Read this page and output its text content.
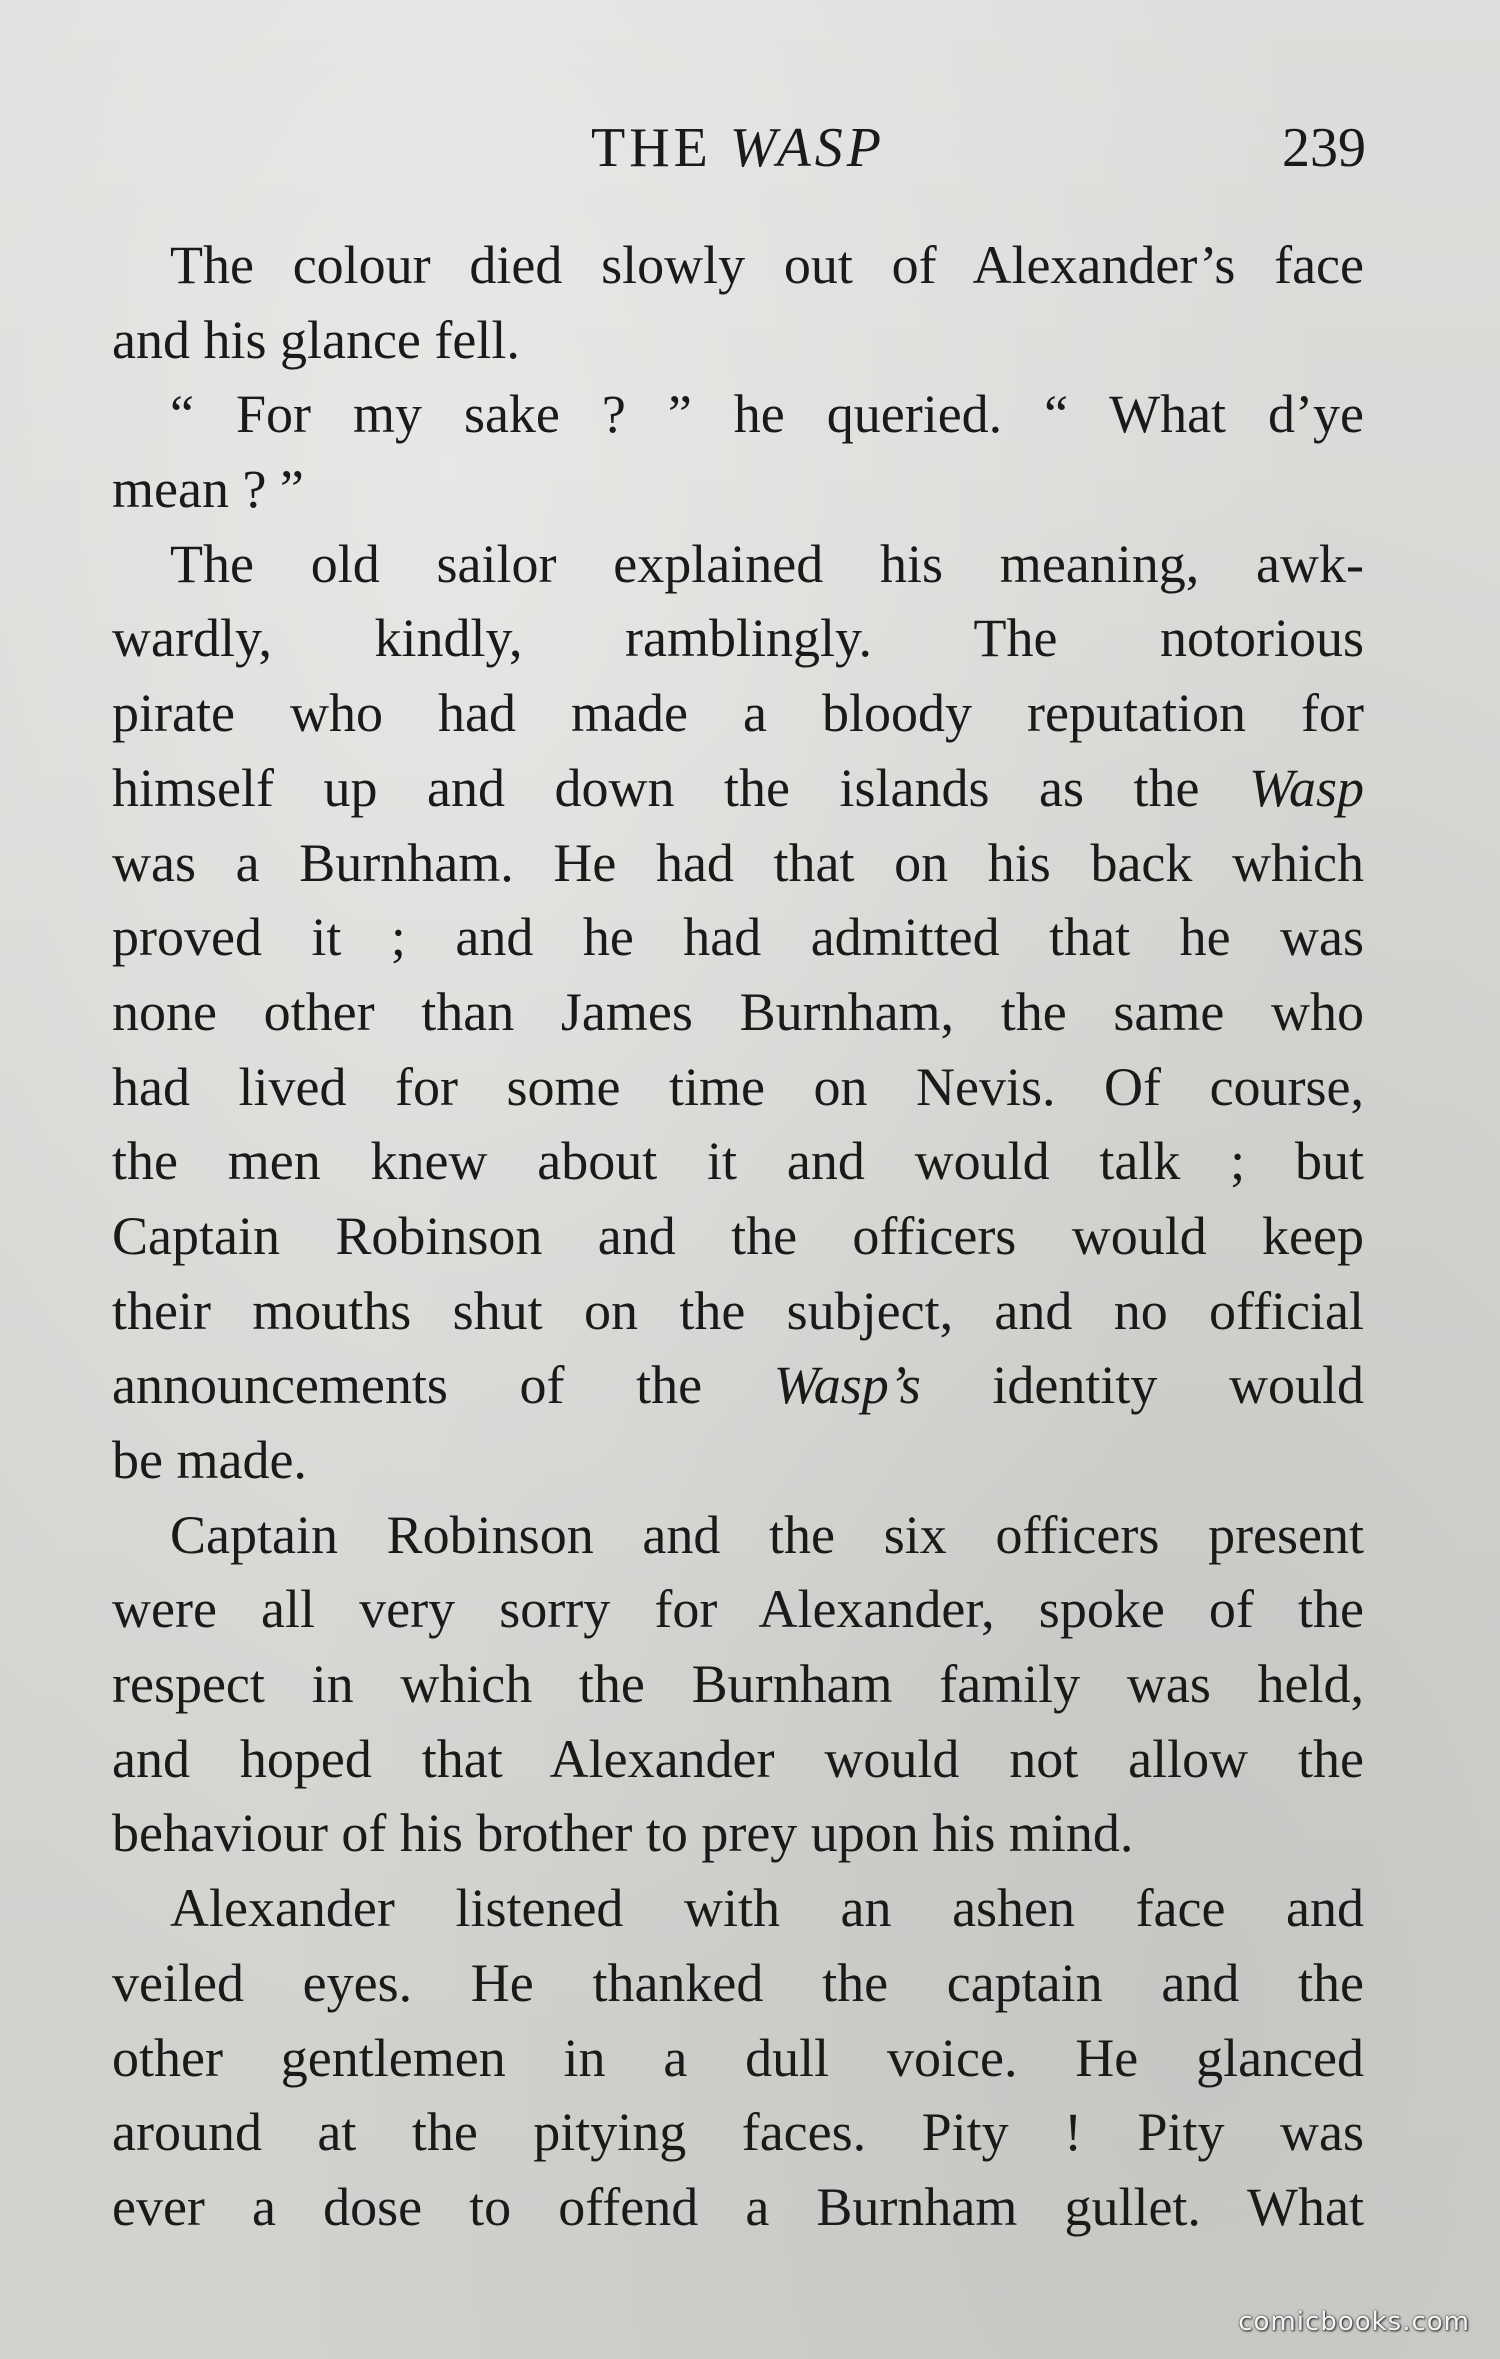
THE WASP	239
The colour died slowly out of Alexander’s face
and his glance fell.
“ For my sake ? ” he queried. “ What d’ye
mean ? ”
The old sailor explained his meaning, awk-
wardly, kindly, ramblingly. The notorious
pirate who had made a bloody reputation for
himself up and down the islands as the Wasp
was a Burnham. He had that on his back which
proved it ; and he had admitted that he was
none other than James Burnham, the same who
had lived for some time on Nevis. Of course,
the men knew about it and would talk ; but
Captain Robinson and the officers would keep
their mouths shut on the subject, and no official
announcements of the Wasp’s identity would
be made.
Captain Robinson and the six officers present
were all very sorry for Alexander, spoke of the
respect in which the Burnham family was held,
and hoped that Alexander would not allow the
behaviour of his brother to prey upon his mind.
Alexander listened with an ashen face and
veiled eyes. He thanked the captain and the
other gentlemen in a dull voice. He glanced
around at the pitying faces. Pity ! Pity was
ever a dose to offend a Burnham gullet. What
comicbooks.com
